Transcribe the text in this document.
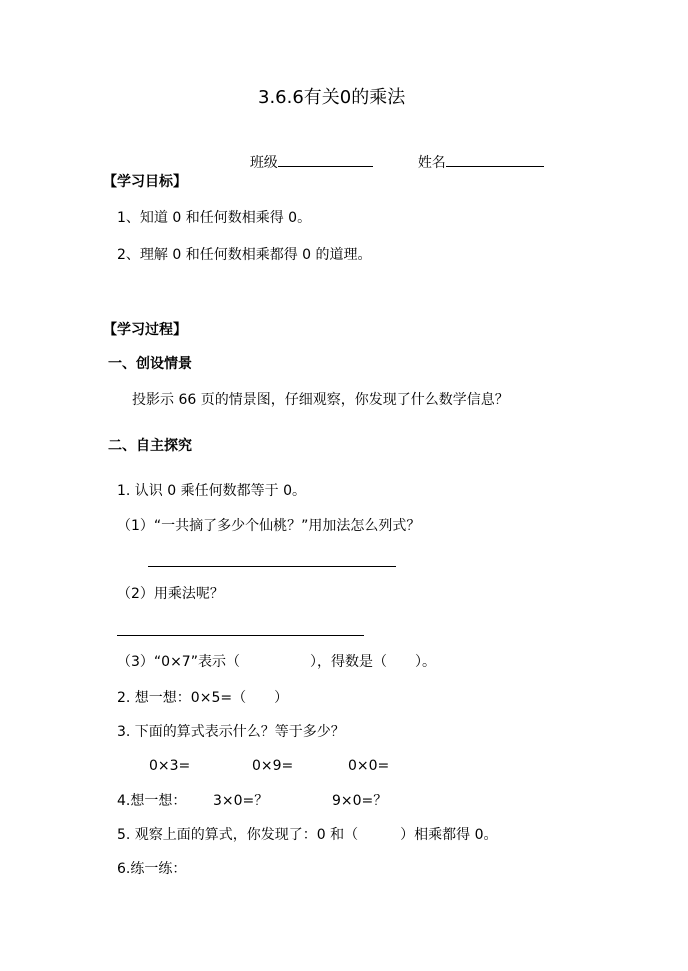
3.6.6有关0的乘法

班级
	姓名

【学习目标】
1、知道 0 和任何数相乘得 0。
2、理解 0 和任何数相乘都得 0 的道理。
【学习过程】
一、创设情景
投影示 66 页的情景图，仔细观察，你发现了什么数学信息？
二、自主探究
1. 认识 0 乘任何数都等于 0。
（1）“一共摘了多少个仙桃？”用加法怎么列式？
（2）用乘法呢？
（3）“0×7”表示（　　　　　），得数是（　　）。
2. 想一想：0×5=（　　）
3. 下面的算式表示什么？等于多少？
0×3=	0×9=	0×0=
4.想一想： 3×0=？	9×0=？
5. 观察上面的算式，你发现了：0 和（　　　）相乘都得 0。
6.练一练：
